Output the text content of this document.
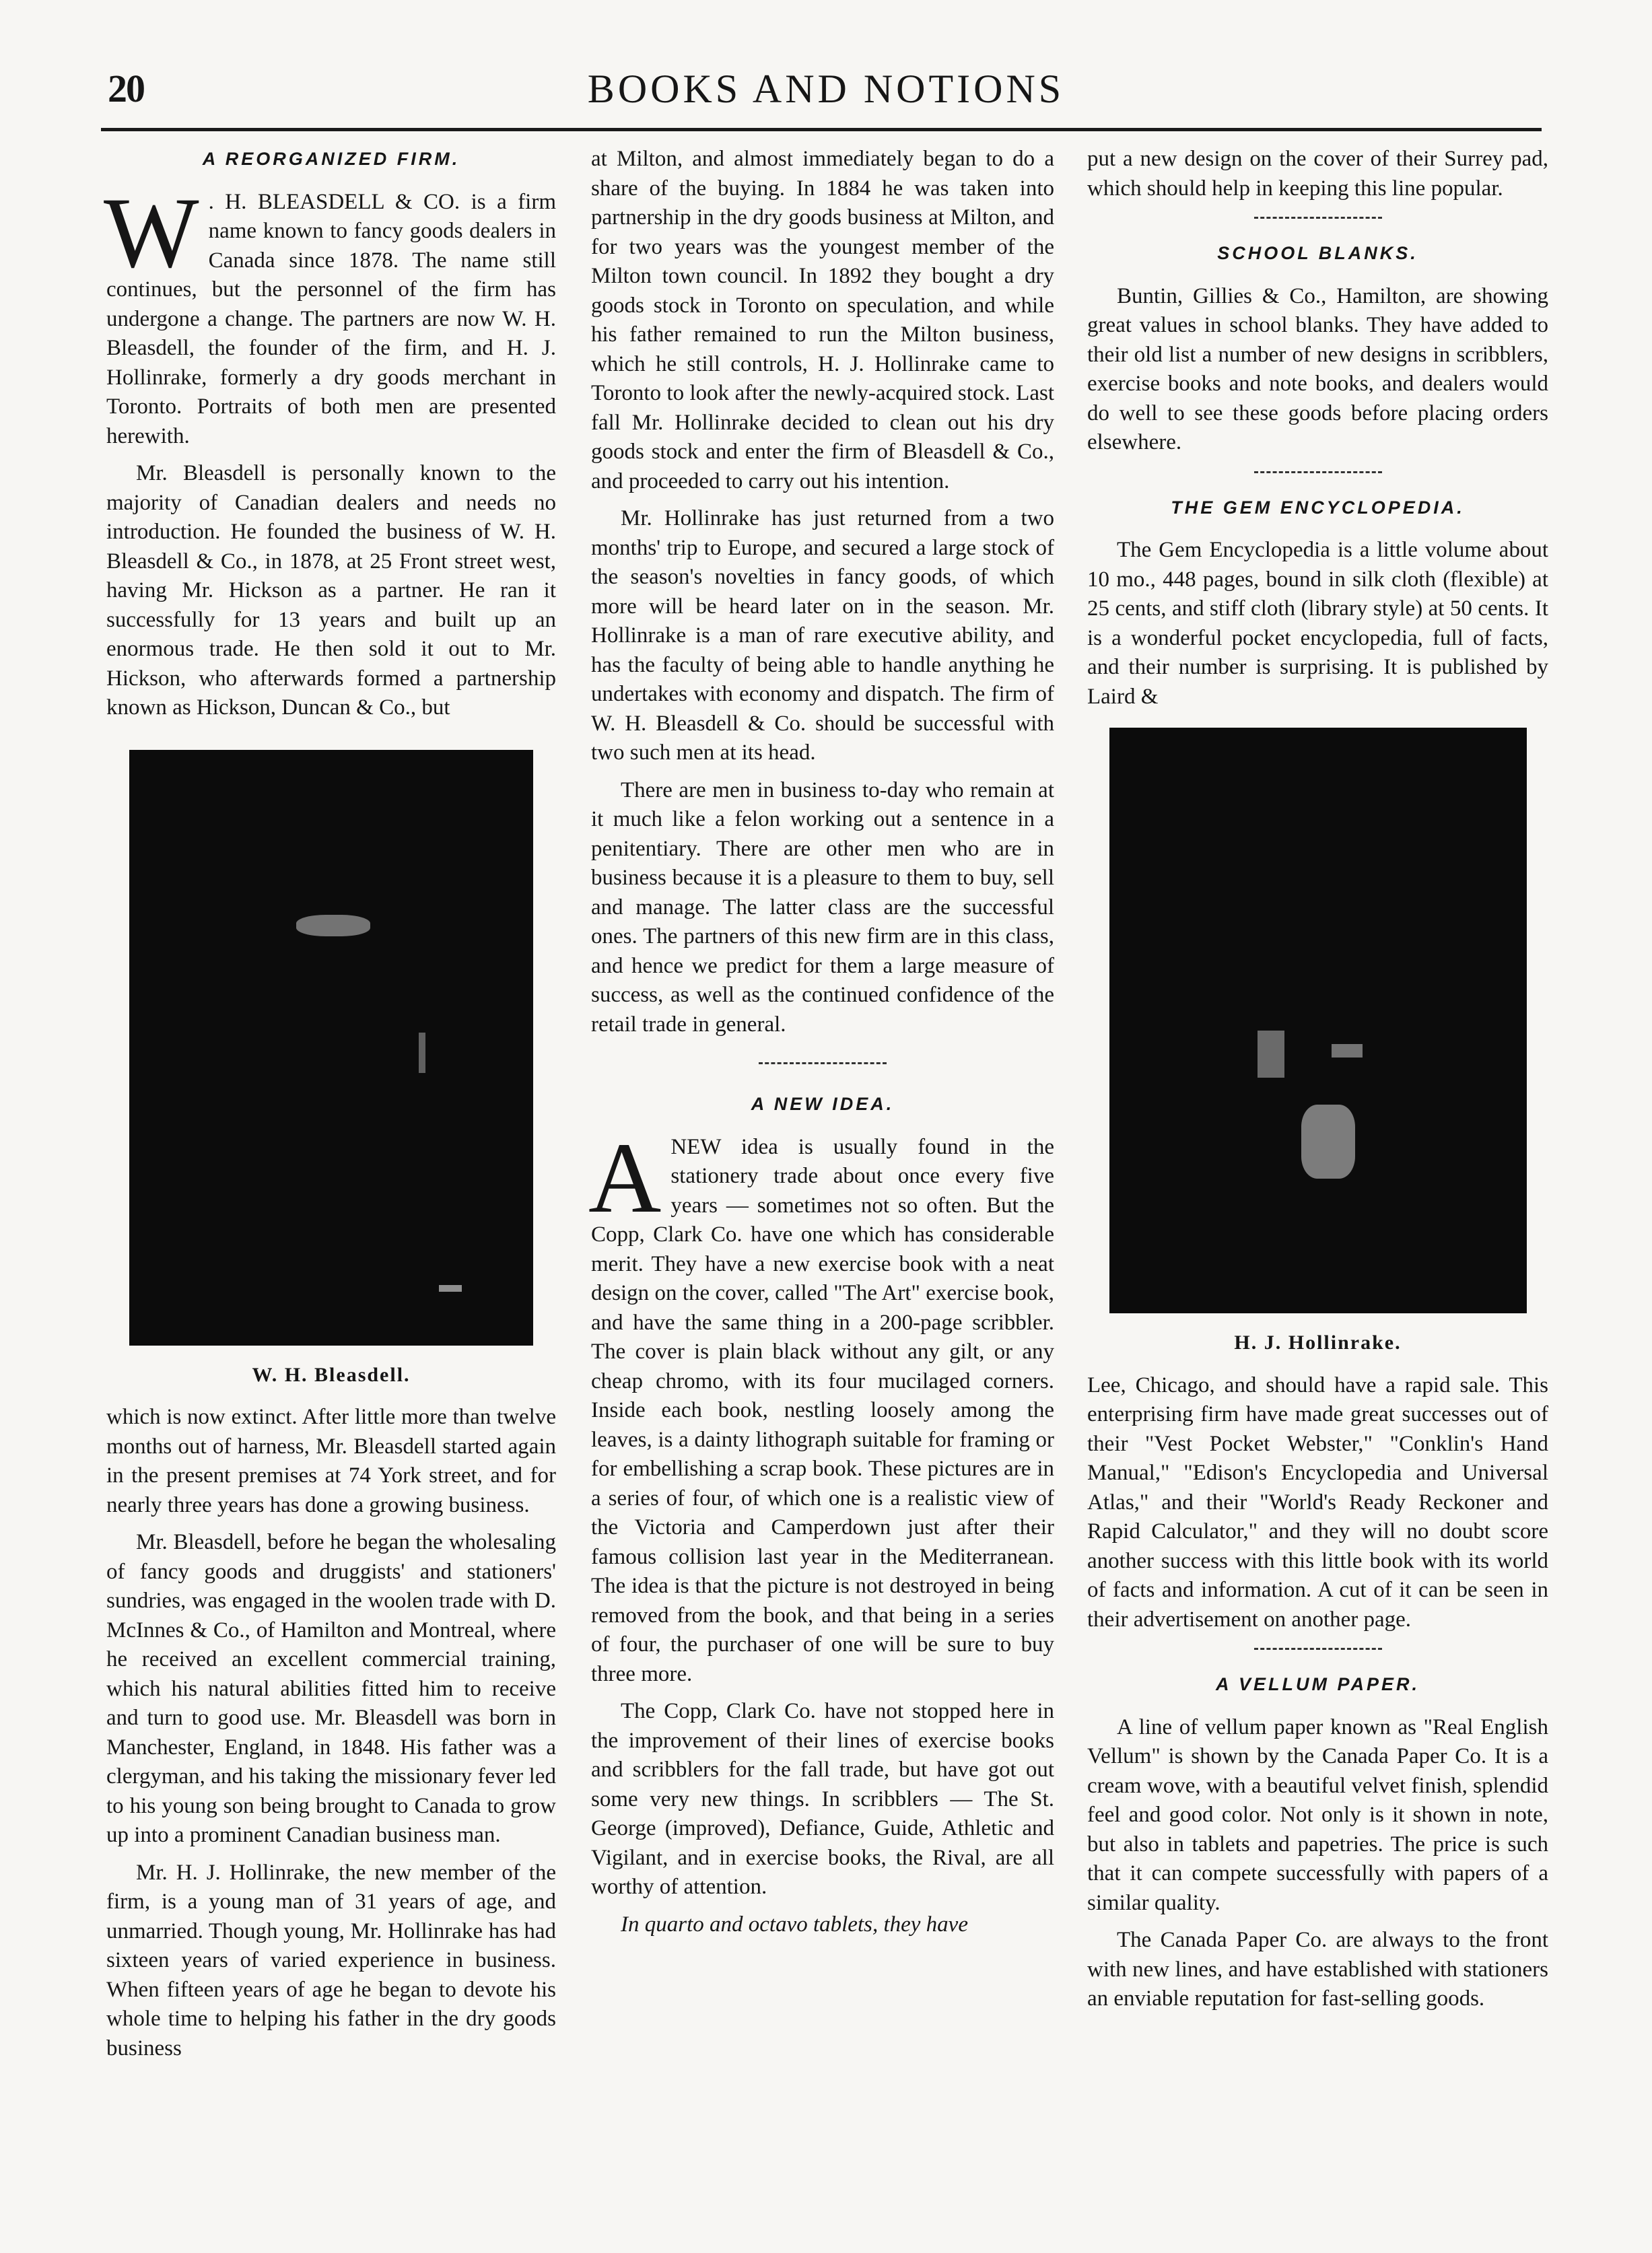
20	BOOKS AND NOTIONS
A REORGANIZED FIRM.

W . H. BLEASDELL & CO. is a firm name known to fancy goods dealers in Canada since 1878. The name still continues, but the personnel of the firm has undergone a change. The partners are now W. H. Bleasdell, the founder of the firm, and H. J. Hollinrake, formerly a dry goods merchant in Toronto. Portraits of both men are presented herewith.

Mr. Bleasdell is personally known to the majority of Canadian dealers and needs no introduction. He founded the business of W. H. Bleasdell & Co., in 1878, at 25 Front street west, having Mr. Hickson as a partner. He ran it successfully for 13 years and built up an enormous trade. He then sold it out to Mr. Hickson, who afterwards formed a partnership known as Hickson, Duncan & Co., but

W. H. Bleasdell.

which is now extinct. After little more than twelve months out of harness, Mr. Bleasdell started again in the present premises at 74 York street, and for nearly three years has done a growing business.

Mr. Bleasdell, before he began the wholesaling of fancy goods and druggists' and stationers' sundries, was engaged in the woolen trade with D. McInnes & Co., of Hamilton and Montreal, where he received an excellent commercial training, which his natural abilities fitted him to receive and turn to good use. Mr. Bleasdell was born in Manchester, England, in 1848. His father was a clergyman, and his taking the missionary fever led to his young son being brought to Canada to grow up into a prominent Canadian business man.

Mr. H. J. Hollinrake, the new member of the firm, is a young man of 31 years of age, and unmarried. Though young, Mr. Hollinrake has had sixteen years of varied experience in business. When fifteen years of age he began to devote his whole time to helping his father in the dry goods business

at Milton, and almost immediately began to do a share of the buying. In 1884 he was taken into partnership in the dry goods business at Milton, and for two years was the youngest member of the Milton town council. In 1892 they bought a dry goods stock in Toronto on speculation, and while his father remained to run the Milton business, which he still controls, H. J. Hollinrake came to Toronto to look after the newly-acquired stock. Last fall Mr. Hollinrake decided to clean out his dry goods stock and enter the firm of Bleasdell & Co., and proceeded to carry out his intention.

Mr. Hollinrake has just returned from a two months' trip to Europe, and secured a large stock of the season's novelties in fancy goods, of which more will be heard later on in the season. Mr. Hollinrake is a man of rare executive ability, and has the faculty of being able to handle anything he undertakes with economy and dispatch. The firm of W. H. Bleasdell & Co. should be successful with two such men at its head.

There are men in business to-day who remain at it much like a felon working out a sentence in a penitentiary. There are other men who are in business because it is a pleasure to them to buy, sell and manage. The latter class are the successful ones. The partners of this new firm are in this class, and hence we predict for them a large measure of success, as well as the continued confidence of the retail trade in general.

A NEW IDEA.

ANEW idea is usually found in the stationery trade about once every five years — sometimes not so often. But the Copp, Clark Co. have one which has considerable merit. They have a new exercise book with a neat design on the cover, called "The Art" exercise book, and have the same thing in a 200-page scribbler. The cover is plain black without any gilt, or any cheap chromo, with its four mucilaged corners. Inside each book, nestling loosely among the leaves, is a dainty lithograph suitable for framing or for embellishing a scrap book. These pictures are in a series of four, of which one is a realistic view of the Victoria and Camperdown just after their famous collision last year in the Mediterranean. The idea is that the picture is not destroyed in being removed from the book, and that being in a series of four, the purchaser of one will be sure to buy three more.

The Copp, Clark Co. have not stopped here in the improvement of their lines of exercise books and scribblers for the fall trade, but have got out some very new things. In scribblers — The St. George (improved), Defiance, Guide, Athletic and Vigilant, and in exercise books, the Rival, are all worthy of attention.

In quarto and octavo tablets, they have

put a new design on the cover of their Surrey pad, which should help in keeping this line popular.

SCHOOL BLANKS.

Buntin, Gillies & Co., Hamilton, are showing great values in school blanks. They have added to their old list a number of new designs in scribblers, exercise books and note books, and dealers would do well to see these goods before placing orders elsewhere.

THE GEM ENCYCLOPEDIA.

The Gem Encyclopedia is a little volume about 10 mo., 448 pages, bound in silk cloth (flexible) at 25 cents, and stiff cloth (library style) at 50 cents. It is a wonderful pocket encyclopedia, full of facts, and their number is surprising. It is published by Laird &

H. J. Hollinrake.

Lee, Chicago, and should have a rapid sale. This enterprising firm have made great successes out of their "Vest Pocket Webster," "Conklin's Hand Manual," "Edison's Encyclopedia and Universal Atlas," and their "World's Ready Reckoner and Rapid Calculator," and they will no doubt score another success with this little book with its world of facts and information. A cut of it can be seen in their advertisement on another page.

A VELLUM PAPER.

A line of vellum paper known as "Real English Vellum" is shown by the Canada Paper Co. It is a cream wove, with a beautiful velvet finish, splendid feel and good color. Not only is it shown in note, but also in tablets and papetries. The price is such that it can compete successfully with papers of a similar quality.

The Canada Paper Co. are always to the front with new lines, and have established with stationers an enviable reputation for fast-selling goods.
